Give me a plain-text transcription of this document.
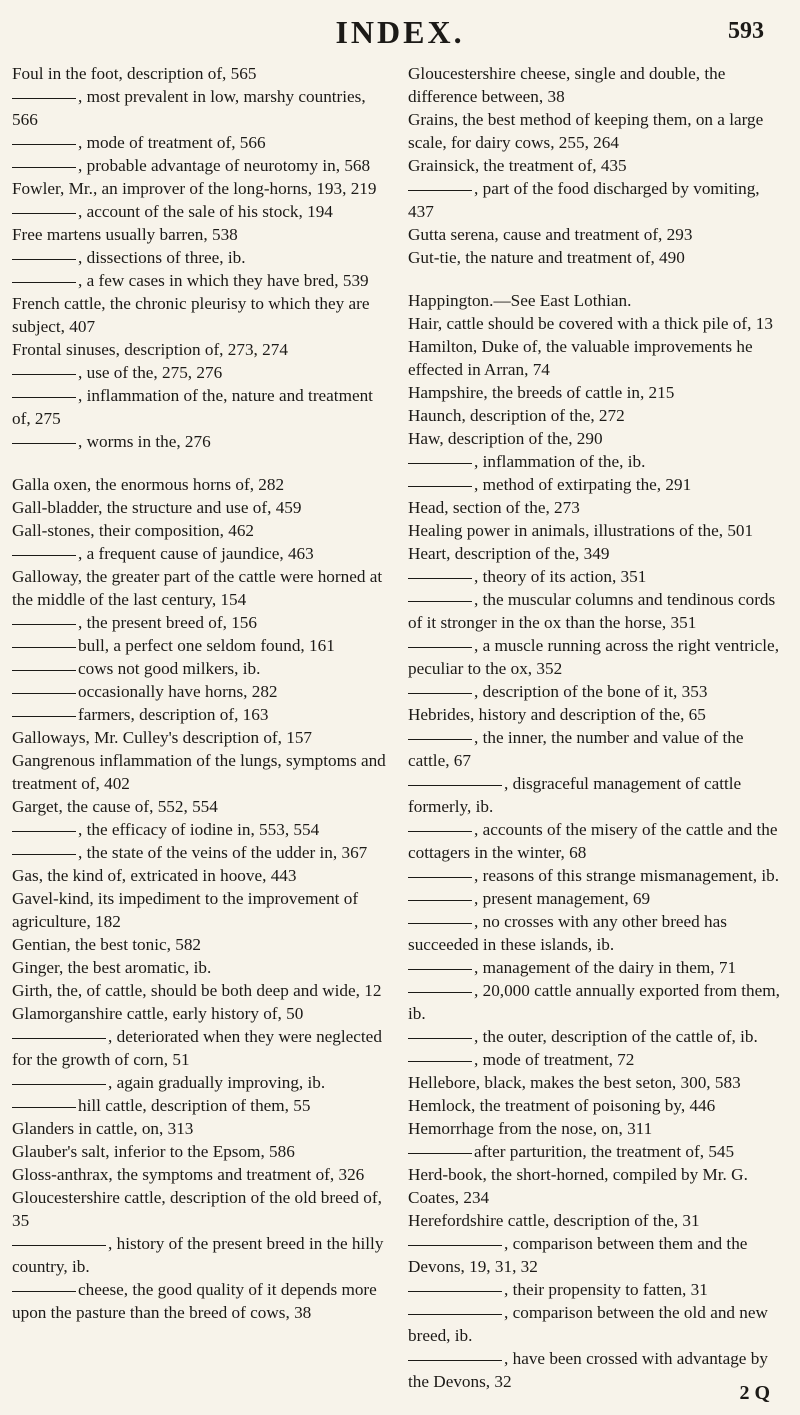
INDEX.	593

Foul in the foot, description of, 565

, most prevalent in low, marshy countries, 566

, mode of treatment of, 566

, probable advantage of neurotomy in, 568

Fowler, Mr., an improver of the long-horns, 193, 219

, account of the sale of his stock, 194

Free martens usually barren, 538

, dissections of three, ib.

, a few cases in which they have bred, 539

French cattle, the chronic pleurisy to which they are subject, 407

Frontal sinuses, description of, 273, 274

, use of the, 275, 276

, inflammation of the, nature and treatment of, 275

, worms in the, 276

Galla oxen, the enormous horns of, 282

Gall-bladder, the structure and use of, 459

Gall-stones, their composition, 462

, a frequent cause of jaundice, 463

Galloway, the greater part of the cattle were horned at the middle of the last century, 154

, the present breed of, 156

bull, a perfect one seldom found, 161

cows not good milkers, ib.

occasionally have horns, 282

farmers, description of, 163

Galloways, Mr. Culley's description of, 157

Gangrenous inflammation of the lungs, symptoms and treatment of, 402

Garget, the cause of, 552, 554

, the efficacy of iodine in, 553, 554

, the state of the veins of the udder in, 367

Gas, the kind of, extricated in hoove, 443

Gavel-kind, its impediment to the improvement of agriculture, 182

Gentian, the best tonic, 582

Ginger, the best aromatic, ib.

Girth, the, of cattle, should be both deep and wide, 12

Glamorganshire cattle, early history of, 50

, deteriorated when they were neglected for the growth of corn, 51

, again gradually improving, ib.

hill cattle, description of them, 55

Glanders in cattle, on, 313

Glauber's salt, inferior to the Epsom, 586

Gloss-anthrax, the symptoms and treatment of, 326

Gloucestershire cattle, description of the old breed of, 35

, history of the present breed in the hilly country, ib.

cheese, the good quality of it depends more upon the pasture than the breed of cows, 38

Gloucestershire cheese, single and double, the difference between, 38

Grains, the best method of keeping them, on a large scale, for dairy cows, 255, 264

Grainsick, the treatment of, 435

, part of the food discharged by vomiting, 437

Gutta serena, cause and treatment of, 293

Gut-tie, the nature and treatment of, 490

Happington.—See East Lothian.

Hair, cattle should be covered with a thick pile of, 13

Hamilton, Duke of, the valuable improvements he effected in Arran, 74

Hampshire, the breeds of cattle in, 215

Haunch, description of the, 272

Haw, description of the, 290

, inflammation of the, ib.

, method of extirpating the, 291

Head, section of the, 273

Healing power in animals, illustrations of the, 501

Heart, description of the, 349

, theory of its action, 351

, the muscular columns and tendinous cords of it stronger in the ox than the horse, 351

, a muscle running across the right ventricle, peculiar to the ox, 352

, description of the bone of it, 353

Hebrides, history and description of the, 65

, the inner, the number and value of the cattle, 67

, disgraceful management of cattle formerly, ib.

, accounts of the misery of the cattle and the cottagers in the winter, 68

, reasons of this strange mismanagement, ib.

, present management, 69

, no crosses with any other breed has succeeded in these islands, ib.

, management of the dairy in them, 71

, 20,000 cattle annually exported from them, ib.

, the outer, description of the cattle of, ib.

, mode of treatment, 72

Hellebore, black, makes the best seton, 300, 583

Hemlock, the treatment of poisoning by, 446

Hemorrhage from the nose, on, 311

after parturition, the treatment of, 545

Herd-book, the short-horned, compiled by Mr. G. Coates, 234

Herefordshire cattle, description of the, 31

, comparison between them and the Devons, 19, 31, 32

, their propensity to fatten, 31

, comparison between the old and new breed, ib.

, have been crossed with advantage by the Devons, 32

2 Q
